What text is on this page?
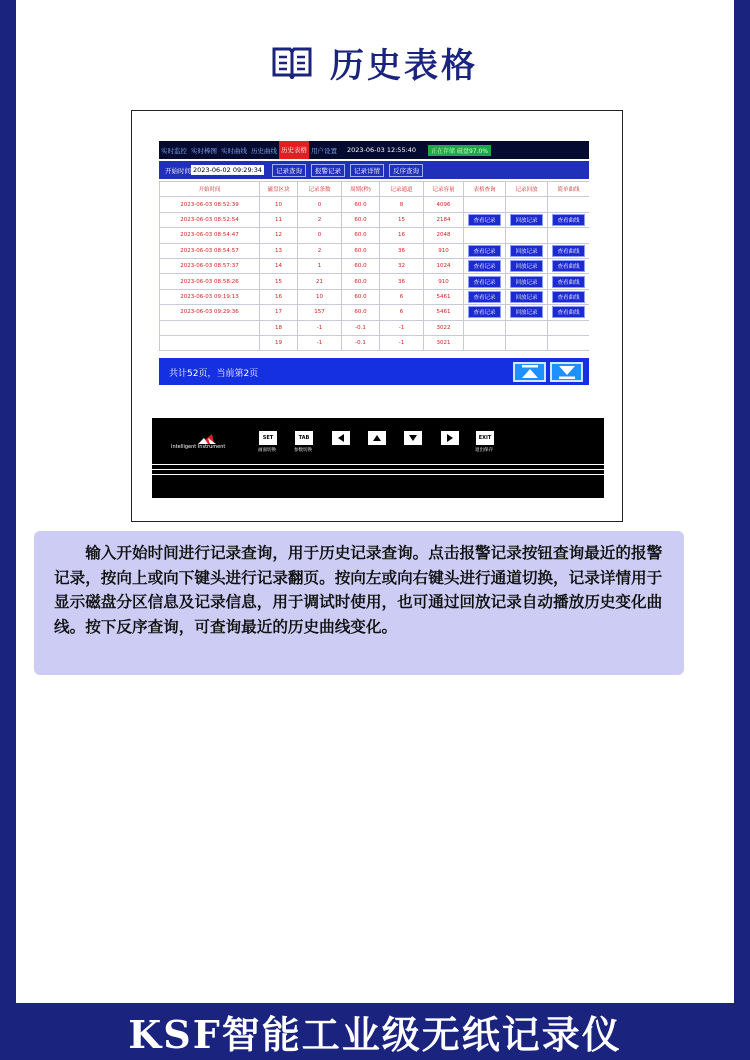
历史表格
实时监控 实时棒图 实时曲线 历史曲线 历史表格 用户设置	2023-06-03 12:55:40	正在存储 磁盘97.0%
开始时间 2023-06-02 09:29:34	记录查询	报警记录	记录详情	反序查询
开始时间	磁盘区块	记录条数	周期(秒)	记录通道	记录容量	表格查询	记录回放	简单曲线
2023-06-03 08:52:39	10	0	60.0	8	4096			
2023-06-03 08:52:54	11	2	60.0	15	2184	查看记录	回放记录	查看曲线
2023-06-03 08:54:47	12	0	60.0	16	2048			
2023-06-03 08:54:57	13	2	60.0	36	910	查看记录	回放记录	查看曲线
2023-06-03 08:57:37	14	1	60.0	32	1024	查看记录	回放记录	查看曲线
2023-06-03 08:58:26	15	21	60.0	36	910	查看记录	回放记录	查看曲线
2023-06-03 09:19:13	16	10	60.0	6	5461	查看记录	回放记录	查看曲线
2023-06-03 09:29:36	17	157	60.0	6	5461	查看记录	回放记录	查看曲线
	18	-1	-0.1	-1	3022			
	19	-1	-0.1	-1	3021			
共计52页，当前第2页
Intelligent Instrument
SET
画面切换
TAB
参数切换
EXIT
退出保存

输入开始时间进行记录查询，用于历史记录查询。点击报警记录按钮查询最近的报警记录，按向上或向下键头进行记录翻页。按向左或向右键头进行通道切换，记录详情用于显示磁盘分区信息及记录信息，用于调试时使用，也可通过回放记录自动播放历史变化曲线。按下反序查询，可查询最近的历史曲线变化。

KSF智能工业级无纸记录仪
